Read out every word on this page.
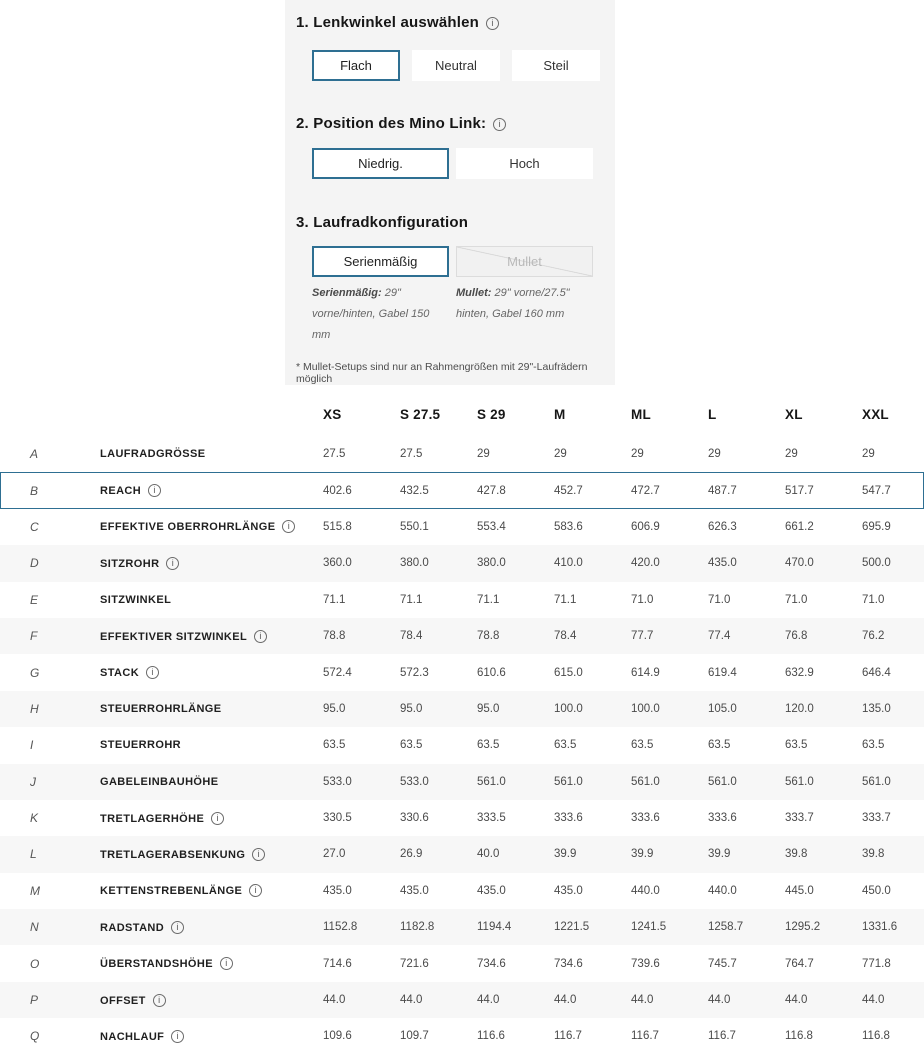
1. Lenkwinkel auswählen i
Flach	Neutral	Steil
2. Position des Mino Link: i
Niedrig.	Hoch
3. Laufradkonfiguration
Serienmäßig	Mullet
Serienmäßig: 29" vorne/hinten, Gabel 150 mm
Mullet: 29" vorne/27.5" hinten, Gabel 160 mm
* Mullet-Setups sind nur an Rahmengrößen mit 29"-Laufrädern möglich
XS	S 27.5	S 29	M	ML	L	XL	XXL
A	LAUFRADGRÖSSE	27.5	27.5	29	29	29	29	29	29
B	REACH i	402.6	432.5	427.8	452.7	472.7	487.7	517.7	547.7
C	EFFEKTIVE OBERROHRLÄNGE i	515.8	550.1	553.4	583.6	606.9	626.3	661.2	695.9
D	SITZROHR i	360.0	380.0	380.0	410.0	420.0	435.0	470.0	500.0
E	SITZWINKEL	71.1	71.1	71.1	71.1	71.0	71.0	71.0	71.0
F	EFFEKTIVER SITZWINKEL i	78.8	78.4	78.8	78.4	77.7	77.4	76.8	76.2
G	STACK i	572.4	572.3	610.6	615.0	614.9	619.4	632.9	646.4
H	STEUERROHRLÄNGE	95.0	95.0	95.0	100.0	100.0	105.0	120.0	135.0
I	STEUERROHR	63.5	63.5	63.5	63.5	63.5	63.5	63.5	63.5
J	GABELEINBAUHÖHE	533.0	533.0	561.0	561.0	561.0	561.0	561.0	561.0
K	TRETLAGERHÖHE i	330.5	330.6	333.5	333.6	333.6	333.6	333.7	333.7
L	TRETLAGERABSENKUNG i	27.0	26.9	40.0	39.9	39.9	39.9	39.8	39.8
M	KETTENSTREBENLÄNGE i	435.0	435.0	435.0	435.0	440.0	440.0	445.0	450.0
N	RADSTAND i	1152.8	1182.8	1194.4	1221.5	1241.5	1258.7	1295.2	1331.6
O	ÜBERSTANDSHÖHE i	714.6	721.6	734.6	734.6	739.6	745.7	764.7	771.8
P	OFFSET i	44.0	44.0	44.0	44.0	44.0	44.0	44.0	44.0
Q	NACHLAUF i	109.6	109.7	116.6	116.7	116.7	116.7	116.8	116.8
